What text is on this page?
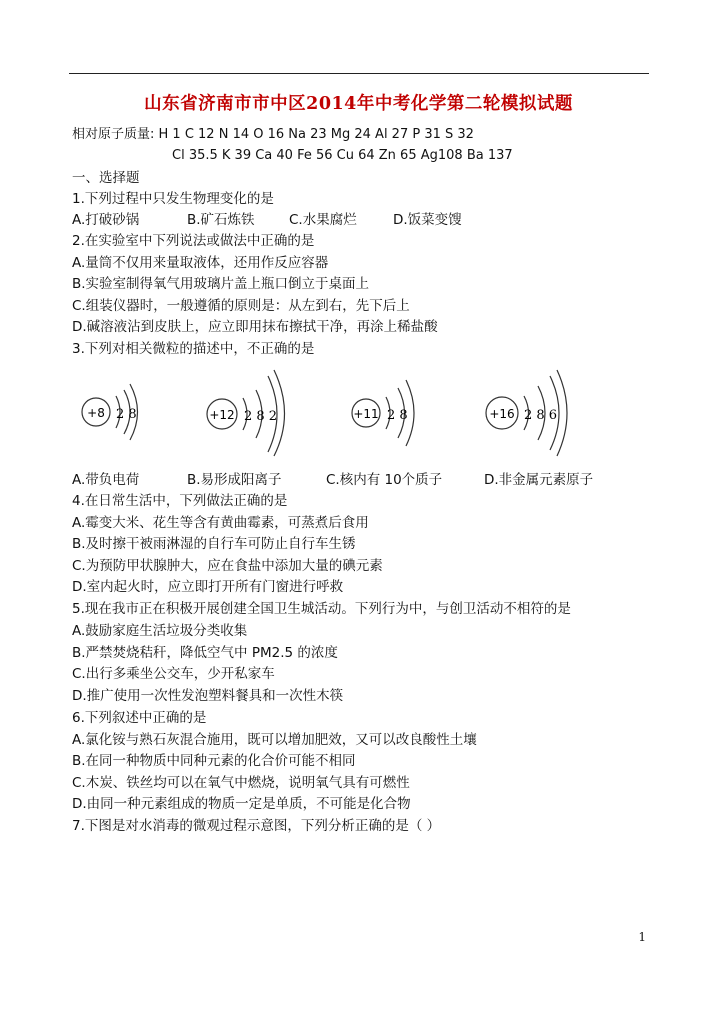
山东省济南市市中区2014年中考化学第二轮模拟试题
相对原子质量: H 1 C 12 N 14 O 16 Na 23 Mg 24 Al 27 P 31 S 32
Cl 35.5 K 39 Ca 40 Fe 56 Cu 64 Zn 65 Ag108 Ba 137
一、选择题
1.下列过程中只发生物理变化的是
A.打破砂锅	B.矿石炼铁	C.水果腐烂	D.饭菜变馊
2.在实验室中下列说法或做法中正确的是
A.量筒不仅用来量取液体，还用作反应容器
B.实验室制得氧气用玻璃片盖上瓶口倒立于桌面上
C.组装仪器时，一般遵循的原则是：从左到右，先下后上
D.碱溶液沾到皮肤上，应立即用抹布擦拭干净，再涂上稀盐酸
3.下列对相关微粒的描述中，不正确的是
+8 2 8	+12 2 8 2	+11 2 8	+16 2 8 6
A.带负电荷	B.易形成阳离子	C.核内有 10个质子	D.非金属元素原子
4.在日常生活中，下列做法正确的是
A.霉变大米、花生等含有黄曲霉素，可蒸煮后食用
B.及时擦干被雨淋湿的自行车可防止自行车生锈
C.为预防甲状腺肿大，应在食盐中添加大量的碘元素
D.室内起火时，应立即打开所有门窗进行呼救
5.现在我市正在积极开展创建全国卫生城活动。下列行为中，与创卫活动不相符的是
A.鼓励家庭生活垃圾分类收集
B.严禁焚烧秸秆，降低空气中 PM2.5 的浓度
C.出行多乘坐公交车，少开私家车
D.推广使用一次性发泡塑料餐具和一次性木筷
6.下列叙述中正确的是
A.氯化铵与熟石灰混合施用，既可以增加肥效，又可以改良酸性土壤
B.在同一种物质中同种元素的化合价可能不相同
C.木炭、铁丝均可以在氧气中燃烧，说明氧气具有可燃性
D.由同一种元素组成的物质一定是单质，不可能是化合物
7.下图是对水消毒的微观过程示意图，下列分析正确的是（ ）
1
